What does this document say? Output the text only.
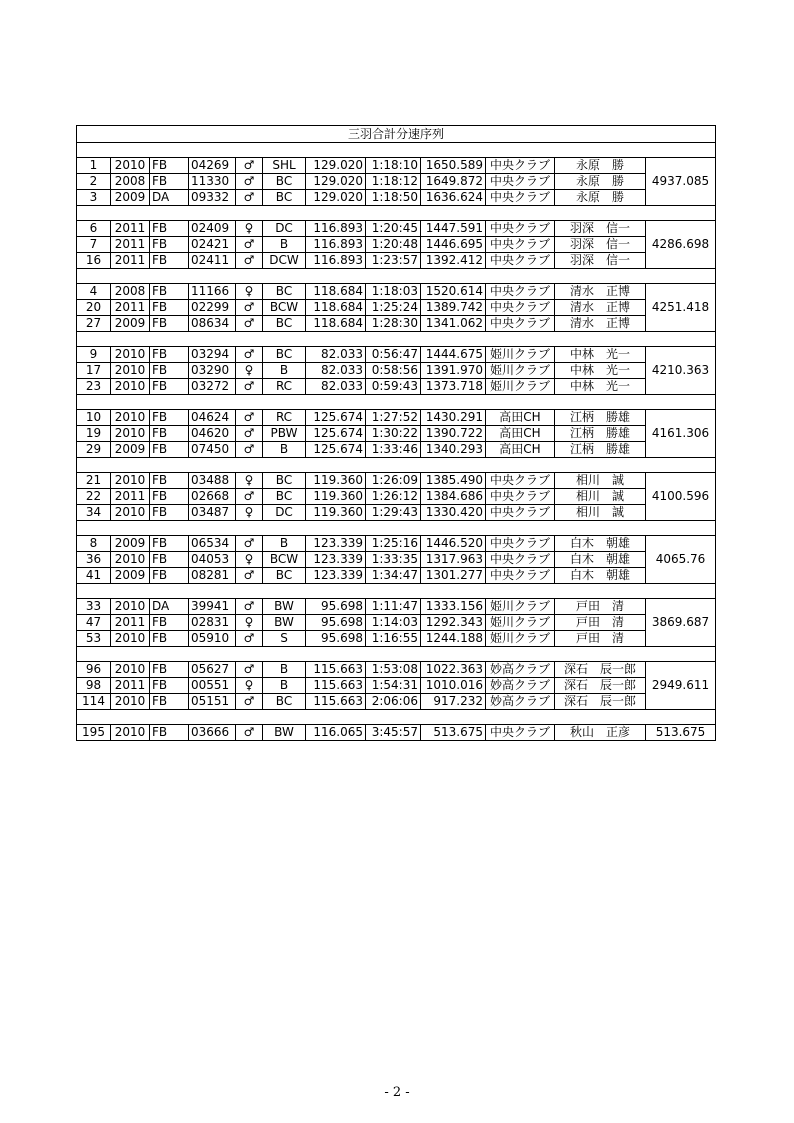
三羽合計分速序列											

1	2010	FB	04269	♂	SHL	129.020	1:18:10	1650.589	中央クラブ	永原　勝	4937.085
2	2008	FB	11330	♂	BC	129.020	1:18:12	1649.872	中央クラブ	永原　勝	
3	2009	DA	09332	♂	BC	129.020	1:18:50	1636.624	中央クラブ	永原　勝	

6	2011	FB	02409	♀	DC	116.893	1:20:45	1447.591	中央クラブ	羽深　信一	4286.698
7	2011	FB	02421	♂	B	116.893	1:20:48	1446.695	中央クラブ	羽深　信一	
16	2011	FB	02411	♂	DCW	116.893	1:23:57	1392.412	中央クラブ	羽深　信一	

4	2008	FB	11166	♀	BC	118.684	1:18:03	1520.614	中央クラブ	清水　正博	4251.418
20	2011	FB	02299	♂	BCW	118.684	1:25:24	1389.742	中央クラブ	清水　正博	
27	2009	FB	08634	♂	BC	118.684	1:28:30	1341.062	中央クラブ	清水　正博	

9	2010	FB	03294	♂	BC	82.033	0:56:47	1444.675	姫川クラブ	中林　光一	4210.363
17	2010	FB	03290	♀	B	82.033	0:58:56	1391.970	姫川クラブ	中林　光一	
23	2010	FB	03272	♂	RC	82.033	0:59:43	1373.718	姫川クラブ	中林　光一	

10	2010	FB	04624	♂	RC	125.674	1:27:52	1430.291	高田CH	江柄　勝雄	4161.306
19	2010	FB	04620	♂	PBW	125.674	1:30:22	1390.722	高田CH	江柄　勝雄	
29	2009	FB	07450	♂	B	125.674	1:33:46	1340.293	高田CH	江柄　勝雄	

21	2010	FB	03488	♀	BC	119.360	1:26:09	1385.490	中央クラブ	相川　誠	4100.596
22	2011	FB	02668	♂	BC	119.360	1:26:12	1384.686	中央クラブ	相川　誠	
34	2010	FB	03487	♀	DC	119.360	1:29:43	1330.420	中央クラブ	相川　誠	

8	2009	FB	06534	♂	B	123.339	1:25:16	1446.520	中央クラブ	白木　朝雄	4065.76
36	2010	FB	04053	♀	BCW	123.339	1:33:35	1317.963	中央クラブ	白木　朝雄	
41	2009	FB	08281	♂	BC	123.339	1:34:47	1301.277	中央クラブ	白木　朝雄	

33	2010	DA	39941	♂	BW	95.698	1:11:47	1333.156	姫川クラブ	戸田　清	3869.687
47	2011	FB	02831	♀	BW	95.698	1:14:03	1292.343	姫川クラブ	戸田　清	
53	2010	FB	05910	♂	S	95.698	1:16:55	1244.188	姫川クラブ	戸田　清	

96	2010	FB	05627	♂	B	115.663	1:53:08	1022.363	妙高クラブ	深石　辰一郎	2949.611
98	2011	FB	00551	♀	B	115.663	1:54:31	1010.016	妙高クラブ	深石　辰一郎	
114	2010	FB	05151	♂	BC	115.663	2:06:06	917.232	妙高クラブ	深石　辰一郎	

195	2010	FB	03666	♂	BW	116.065	3:45:57	513.675	中央クラブ	秋山　正彦	513.675
- 2 -
